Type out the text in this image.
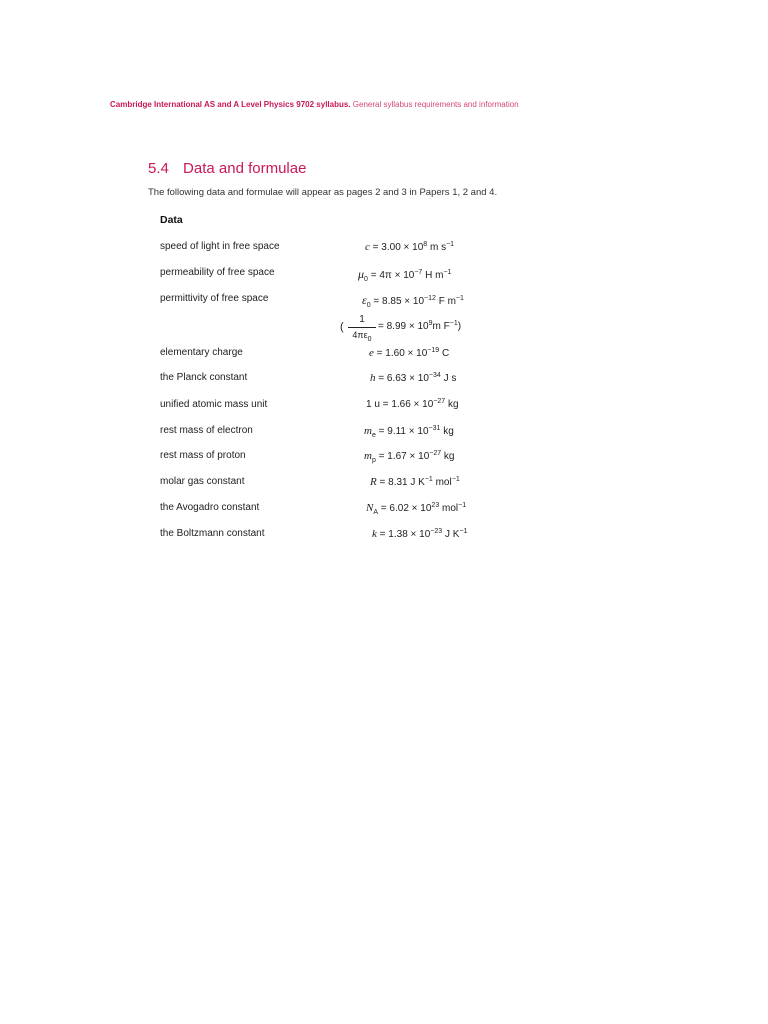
Cambridge International AS and A Level Physics 9702 syllabus. General syllabus requirements and information
5.4 Data and formulae
The following data and formulae will appear as pages 2 and 3 in Papers 1, 2 and 4.
Data
speed of light in free space	$c = 3.00 \times 10^8$ m $s^{-1}$
permeability of free space	$\mu_0 = 4\pi \times 10^{-7}$ H $m^{-1}$
permittivity of free space	$\varepsilon_0 = 8.85 \times 10^{-12}$ F $m^{-1}$
(
1
$4\pi\varepsilon_0$
= $8.99 \times 10^9m$ $F^{-1}$)
elementary charge	$e = 1.60 \times 10^{-19}$ C
the Planck constant	$h = 6.63 \times 10^{-34}$ J s
unified atomic mass unit	1 $u = 1.66 \times 10^{-27}$ kg
rest mass of electron	$m_e = 9.11 \times 10^{-31}$ kg
rest mass of proton	$m_p = 1.67 \times 10^{-27}$ kg
molar gas constant	R = 8.31 J $K^{-1}$ mol$^{-1}$
the Avogadro constant	$N_A = 6.02 \times 10^{23}$ mol$^{-1}$
the Boltzmann constant	$k = 1.38 \times 10^{-23}$ J $K^{-1}$
